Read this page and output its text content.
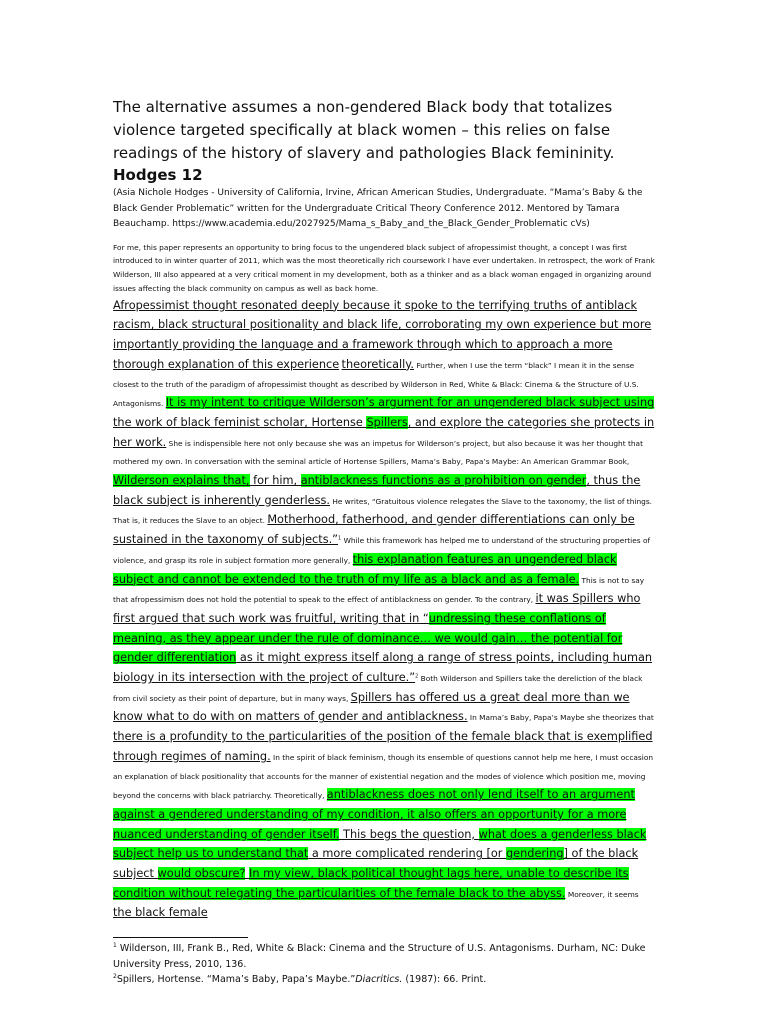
The alternative assumes a non-gendered Black body that totalizes violence targeted specifically at black women – this relies on false readings of the history of slavery and pathologies Black femininity.

Hodges 12

(Asia Nichole Hodges - University of California, Irvine, African American Studies, Undergraduate. “Mama’s Baby & the Black Gender Problematic” written for the Undergraduate Critical Theory Conference 2012. Mentored by Tamara Beauchamp. https://www.academia.edu/2027925/Mama_s_Baby_and_the_Black_Gender_Problematic cVs)

For me, this paper represents an opportunity to bring focus to the ungendered black subject of afropessimist thought, a concept I was first introduced to in winter quarter of 2011, which was the most theoretically rich coursework I have ever undertaken. In retrospect, the work of Frank Wilderson, III also appeared at a very critical moment in my development, both as a thinker and as a black woman engaged in organizing around issues affecting the black community on campus as well as back home.

Afropessimist thought resonated deeply because it spoke to the terrifying truths of antiblack racism, black structural positionality and black life, corroborating my own experience but more importantly providing the language and a framework through which to approach a more thorough explanation of this experience theoretically. Further, when I use the term “black” I mean it in the sense closest to the truth of the paradigm of afropessimist thought as described by Wilderson in Red, White & Black: Cinema & the Structure of U.S. Antagonisms. It is my intent to critique Wilderson’s argument for an ungendered black subject using the work of black feminist scholar, Hortense Spillers, and explore the categories she protects in her work. She is indispensible here not only because she was an impetus for Wilderson’s project, but also because it was her thought that mothered my own. In conversation with the seminal article of Hortense Spillers, Mama’s Baby, Papa’s Maybe: An American Grammar Book, Wilderson explains that, for him, antiblackness functions as a prohibition on gender, thus the black subject is inherently genderless. He writes, “Gratuitous violence relegates the Slave to the taxonomy, the list of things. That is, it reduces the Slave to an object. Motherhood, fatherhood, and gender differentiations can only be sustained in the taxonomy of subjects.”$^1$ While this framework has helped me to understand of the structuring properties of violence, and grasp its role in subject formation more generally, this explanation features an ungendered black subject and cannot be extended to the truth of my life as a black and as a female. This is not to say that afropessimism does not hold the potential to speak to the effect of antiblackness on gender. To the contrary, it was Spillers who first argued that such work was fruitful, writing that in “undressing these conflations of meaning, as they appear under the rule of dominance… we would gain… the potential for gender differentiation as it might express itself along a range of stress points, including human biology in its intersection with the project of culture.”$^2$ Both Wilderson and Spillers take the dereliction of the black from civil society as their point of departure, but in many ways, Spillers has offered us a great deal more than we know what to do with on matters of gender and antiblackness. In Mama’s Baby, Papa’s Maybe she theorizes that there is a profundity to the particularities of the position of the female black that is exemplified through regimes of naming. In the spirit of black feminism, though its ensemble of questions cannot help me here, I must occasion an explanation of black positionality that accounts for the manner of existential negation and the modes of violence which position me, moving beyond the concerns with black patriarchy. Theoretically, antiblackness does not only lend itself to an argument against a gendered understanding of my condition, it also offers an opportunity for a more nuanced understanding of gender itself. This begs the question, what does a genderless black subject help us to understand that a more complicated rendering [or gendering] of the black subject would obscure? In my view, black political thought lags here, unable to describe its condition without relegating the particularities of the female black to the abyss. Moreover, it seems the black female

$^1$ Wilderson, III, Frank B., Red, White & Black: Cinema and the Structure of U.S. Antagonisms. Durham, NC: Duke University Press, 2010, 136.

$^2$Spillers, Hortense. “Mama’s Baby, Papa’s Maybe.”Diacritics. (1987): 66. Print.
